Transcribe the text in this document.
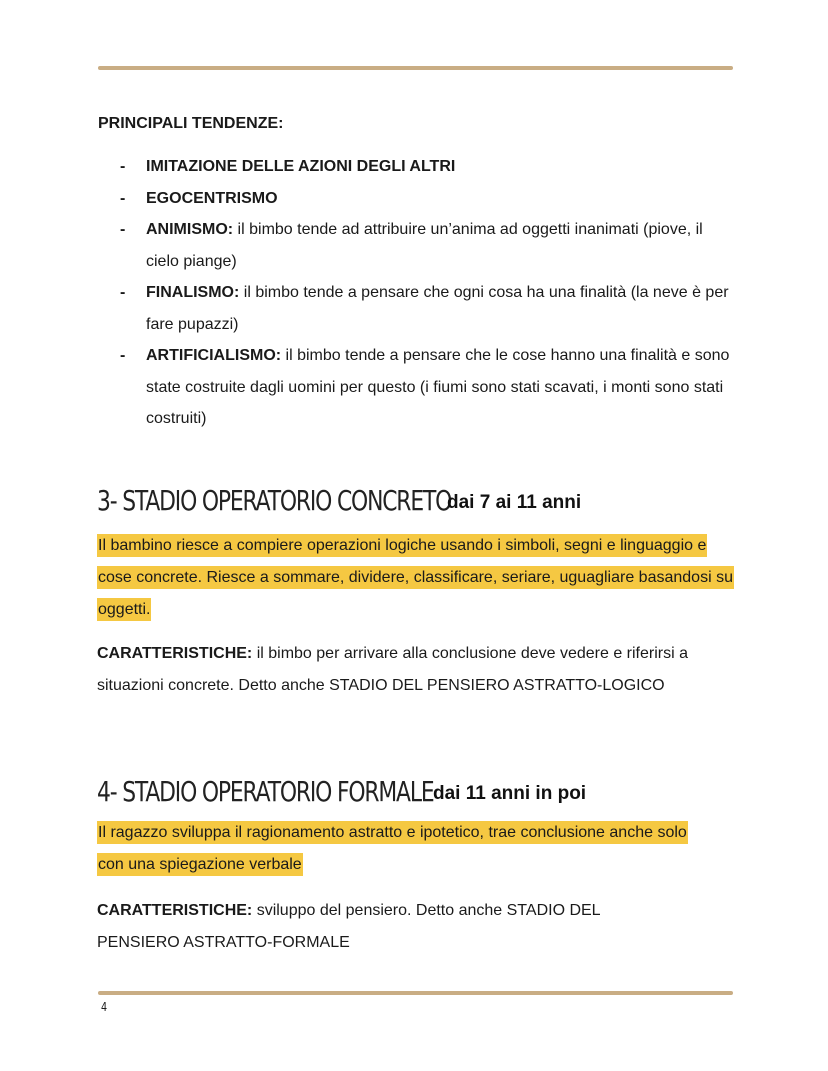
PRINCIPALI TENDENZE:
- IMITAZIONE DELLE AZIONI DEGLI ALTRI
- EGOCENTRISMO
- ANIMISMO: il bimbo tende ad attribuire un’anima ad oggetti inanimati (piove, il cielo piange)
- FINALISMO: il bimbo tende a pensare che ogni cosa ha una finalità (la neve è per fare pupazzi)
- ARTIFICIALISMO: il bimbo tende a pensare che le cose hanno una finalità e sono state costruite dagli uomini per questo (i fiumi sono stati scavati, i monti sono stati costruiti)
3- STADIO OPERATORIO CONCRETO
dai 7 ai 11 anni
Il bambino riesce a compiere operazioni logiche usando i simboli, segni e linguaggio e cose concrete. Riesce a sommare, dividere, classificare, seriare, uguagliare basandosi su oggetti.
CARATTERISTICHE: il bimbo per arrivare alla conclusione deve vedere e riferirsi a situazioni concrete. Detto anche STADIO DEL PENSIERO ASTRATTO-LOGICO
4- STADIO OPERATORIO FORMALE dai 11 anni in poi
Il ragazzo sviluppa il ragionamento astratto e ipotetico, trae conclusione anche solo con una spiegazione verbale
CARATTERISTICHE: sviluppo del pensiero. Detto anche STADIO DEL PENSIERO ASTRATTO-FORMALE
4
